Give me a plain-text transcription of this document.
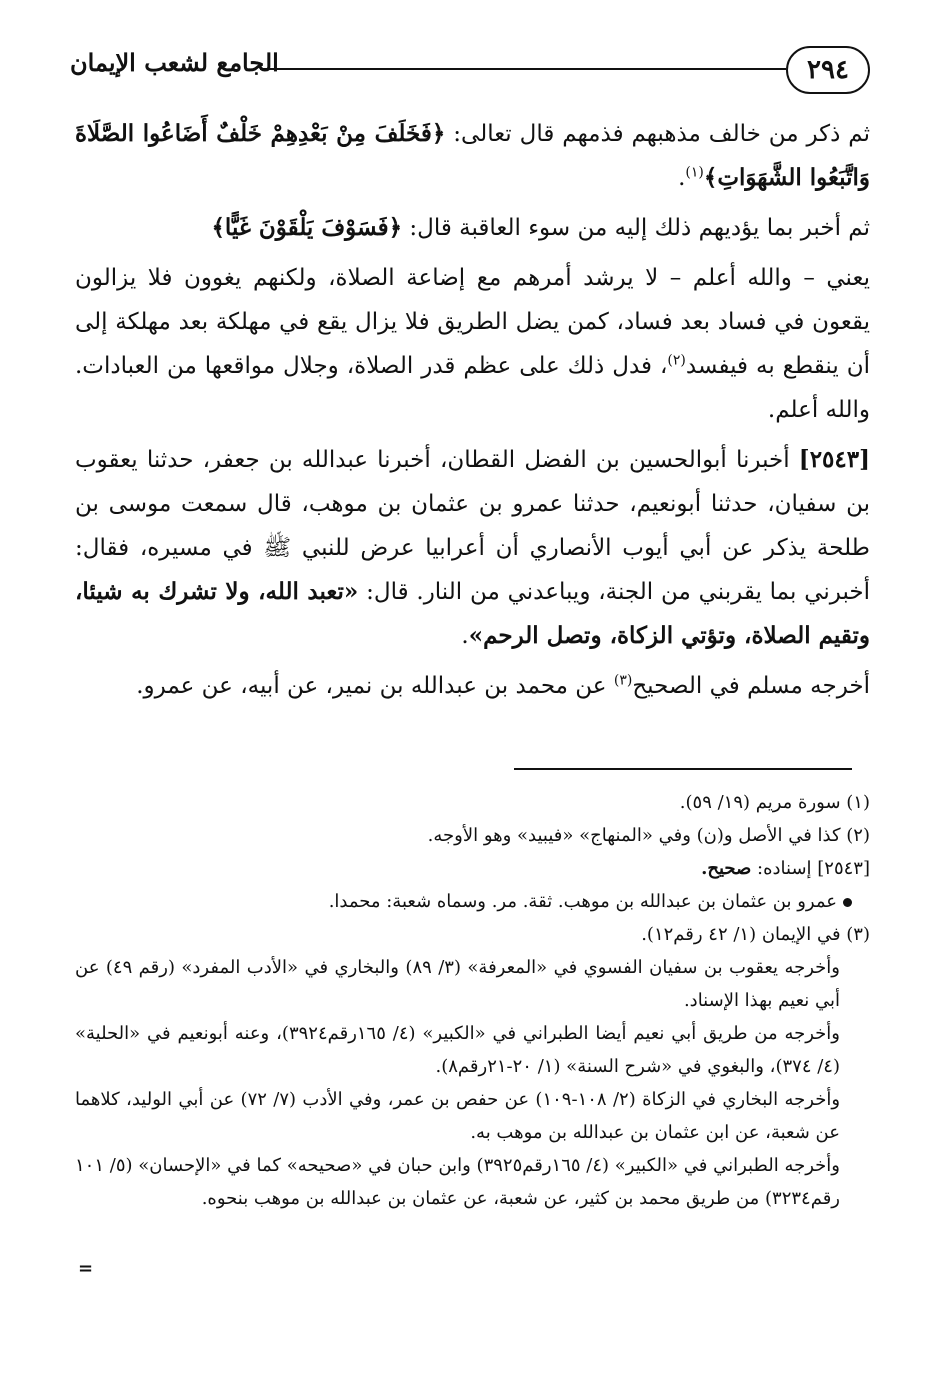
٢٩٤
الجامع لشعب الإيمان

ثم ذكر من خالف مذهبهم فذمهم قال تعالى: ﴿فَخَلَفَ مِنْ بَعْدِهِمْ خَلْفٌ أَضَاعُوا الصَّلَاةَ وَاتَّبَعُوا الشَّهَوَاتِ﴾$^{(١)}$.

ثم أخبر بما يؤديهم ذلك إليه من سوء العاقبة قال: ﴿فَسَوْفَ يَلْقَوْنَ غَيًّا﴾

يعني – والله أعلم – لا يرشد أمرهم مع إضاعة الصلاة، ولكنهم يغوون فلا يزالون يقعون في فساد بعد فساد، كمن يضل الطريق فلا يزال يقع في مهلكة بعد مهلكة إلى أن ينقطع به فيفسد$^{(٢)}$، فدل ذلك على عظم قدر الصلاة، وجلال مواقعها من العبادات. والله أعلم.

[٢٥٤٣] أخبرنا أبوالحسين بن الفضل القطان، أخبرنا عبدالله بن جعفر، حدثنا يعقوب بن سفيان، حدثنا أبونعيم، حدثنا عمرو بن عثمان بن موهب، قال سمعت موسى بن طلحة يذكر عن أبي أيوب الأنصاري أن أعرابيا عرض للنبي ﷺ في مسيره، فقال: أخبرني بما يقربني من الجنة، ويباعدني من النار. قال: «تعبد الله، ولا تشرك به شيئا، وتقيم الصلاة، وتؤتي الزكاة، وتصل الرحم».

أخرجه مسلم في الصحيح$^{(٣)}$ عن محمد بن عبدالله بن نمير، عن أبيه، عن عمرو.

(١) سورة مريم (١٩/ ٥٩).

(٢) كذا في الأصل و(ن) وفي «المنهاج» «فيبيد» وهو الأوجه.

[٢٥٤٣] إسناده: صحيح.

عمرو بن عثمان بن عبدالله بن موهب. ثقة. مر. وسماه شعبة: محمدا.

(٣) في الإيمان (١/ ٤٢ رقم١٢).

وأخرجه يعقوب بن سفيان الفسوي في «المعرفة» (٣/ ٨٩) والبخاري في «الأدب المفرد» (رقم ٤٩) عن أبي نعيم بهذا الإسناد.

وأخرجه من طريق أبي نعيم أيضا الطبراني في «الكبير» (٤/ ١٦٥رقم٣٩٢٤)، وعنه أبونعيم في «الحلية» (٤/ ٣٧٤)، والبغوي في «شرح السنة» (١/ ٢٠-٢١رقم٨).

وأخرجه البخاري في الزكاة (٢/ ١٠٨-١٠٩) عن حفص بن عمر، وفي الأدب (٧/ ٧٢) عن أبي الوليد، كلاهما عن شعبة، عن ابن عثمان بن عبدالله بن موهب به.

وأخرجه الطبراني في «الكبير» (٤/ ١٦٥رقم٣٩٢٥) وابن حبان في «صحيحه» كما في «الإحسان» (٥/ ١٠١ رقم٣٢٣٤) من طريق محمد بن كثير، عن شعبة، عن عثمان بن عبدالله بن موهب بنحوه.

=
